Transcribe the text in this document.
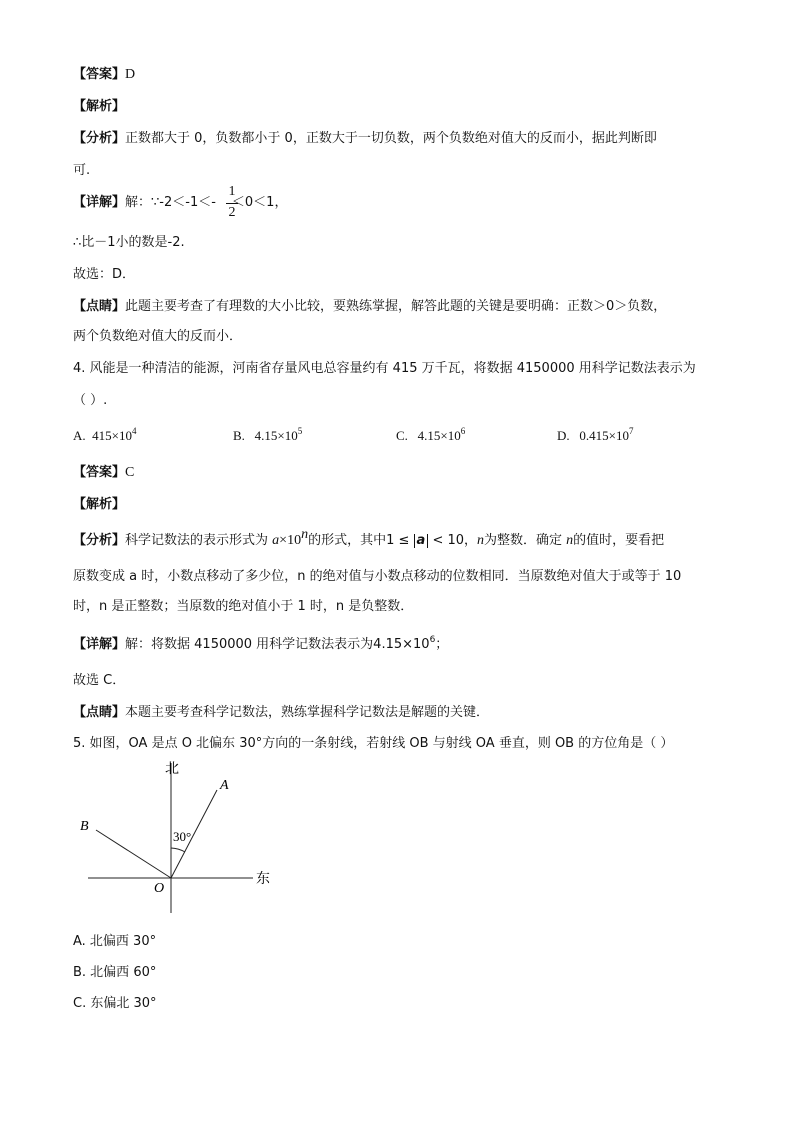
【答案】D
【解析】
【分析】正数都大于 0，负数都小于 0，正数大于一切负数，两个负数绝对值大的反而小，据此判断即
可.
【详解】解：∵-2＜-1＜- ＜0＜1，
1
2
∴比－1小的数是-2.
故选：D．
【点睛】此题主要考查了有理数的大小比较，要熟练掌握，解答此题的关键是要明确：正数＞0＞负数，
两个负数绝对值大的反而小．
4. 风能是一种清洁的能源，河南省存量风电总容量约有 415 万千瓦，将数据 4150000 用科学记数法表示为
（ ）.
A. $415\times 10^4$	B. $4.15\times 10^5$	C. $4.15\times 10^6$	D. $0.415\times 10^7$
【答案】C
【解析】
【分析】科学记数法的表示形式为 $a\times 10^n$的形式，其中1 ≤ a < 10，n为整数．确定 n的值时，要看把
原数变成 a 时，小数点移动了多少位，n 的绝对值与小数点移动的位数相同．当原数绝对值大于或等于 10
时，n 是正整数；当原数的绝对值小于 1 时，n 是负整数．
【详解】解：将数据 4150000 用科学记数法表示为$4.15\times 10^6$；
故选 C．
【点睛】本题主要考查科学记数法，熟练掌握科学记数法是解题的关键．
5. 如图，OA 是点 O 北偏东 30°方向的一条射线，若射线 OB 与射线 OA 垂直，则 OB 的方位角是（ ）
北
东
A
B
O
30°
A. 北偏西 30°
B. 北偏西 60°
C. 东偏北 30°
